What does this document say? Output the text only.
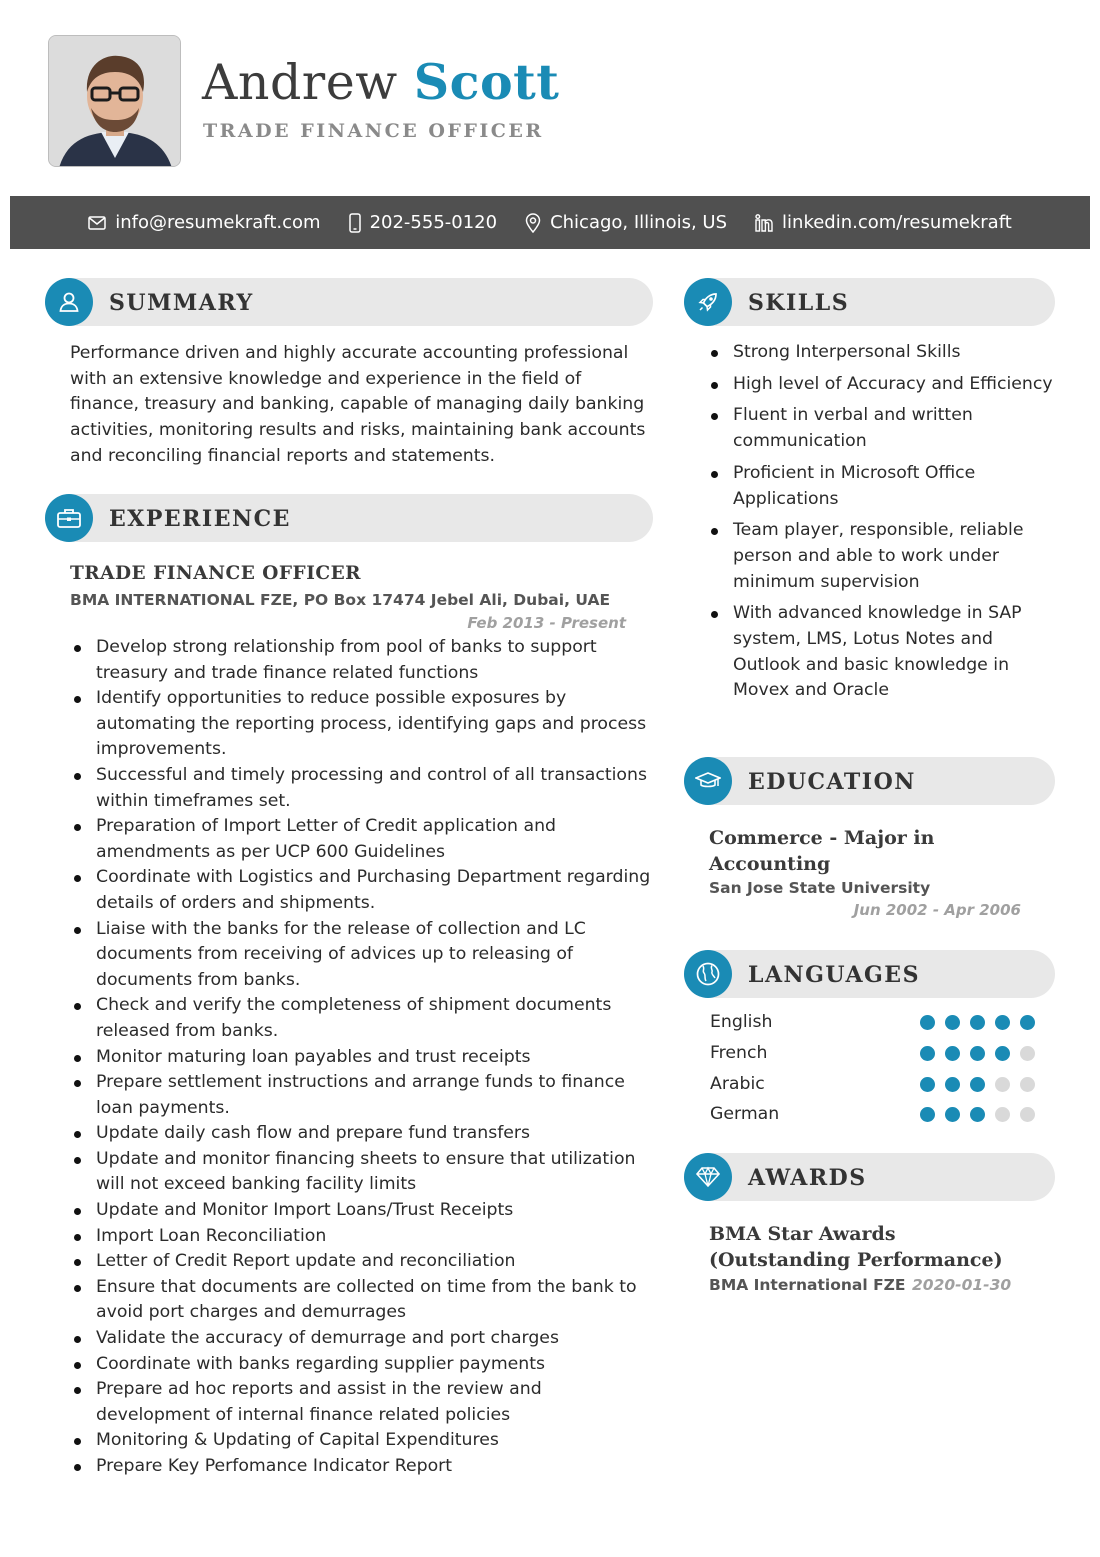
Andrew Scott
TRADE FINANCE OFFICER
info@resumekraft.com	202-555-0120	Chicago, Illinois, US	linkedin.com/resumekraft
SUMMARY
Performance driven and highly accurate accounting professional with an extensive knowledge and experience in the field of finance, treasury and banking, capable of managing daily banking activities, monitoring results and risks, maintaining bank accounts and reconciling financial reports and statements.
EXPERIENCE
TRADE FINANCE OFFICER
BMA INTERNATIONAL FZE, PO Box 17474 Jebel Ali, Dubai, UAE
Feb 2013 - Present
Develop strong relationship from pool of banks to support treasury and trade finance related functions
Identify opportunities to reduce possible exposures by automating the reporting process, identifying gaps and process improvements.
Successful and timely processing and control of all transactions within timeframes set.
Preparation of Import Letter of Credit application and amendments as per UCP 600 Guidelines
Coordinate with Logistics and Purchasing Department regarding details of orders and shipments.
Liaise with the banks for the release of collection and LC documents from receiving of advices up to releasing of documents from banks.
Check and verify the completeness of shipment documents released from banks.
Monitor maturing loan payables and trust receipts
Prepare settlement instructions and arrange funds to finance loan payments.
Update daily cash flow and prepare fund transfers
Update and monitor financing sheets to ensure that utilization will not exceed banking facility limits
Update and Monitor Import Loans/Trust Receipts
Import Loan Reconciliation
Letter of Credit Report update and reconciliation
Ensure that documents are collected on time from the bank to avoid port charges and demurrages
Validate the accuracy of demurrage and port charges
Coordinate with banks regarding supplier payments
Prepare ad hoc reports and assist in the review and development of internal finance related policies
Monitoring & Updating of Capital Expenditures
Prepare Key Perfomance Indicator Report
SKILLS
Strong Interpersonal Skills
High level of Accuracy and Efficiency
Fluent in verbal and written communication
Proficient in Microsoft Office Applications
Team player, responsible, reliable person and able to work under minimum supervision
With advanced knowledge in SAP system, LMS, Lotus Notes and Outlook and basic knowledge in Movex and Oracle
EDUCATION
Commerce - Major in Accounting
San Jose State University
Jun 2002 - Apr 2006
LANGUAGES
English
French
Arabic
German
AWARDS
BMA Star Awards (Outstanding Performance)
BMA International FZE 2020-01-30
